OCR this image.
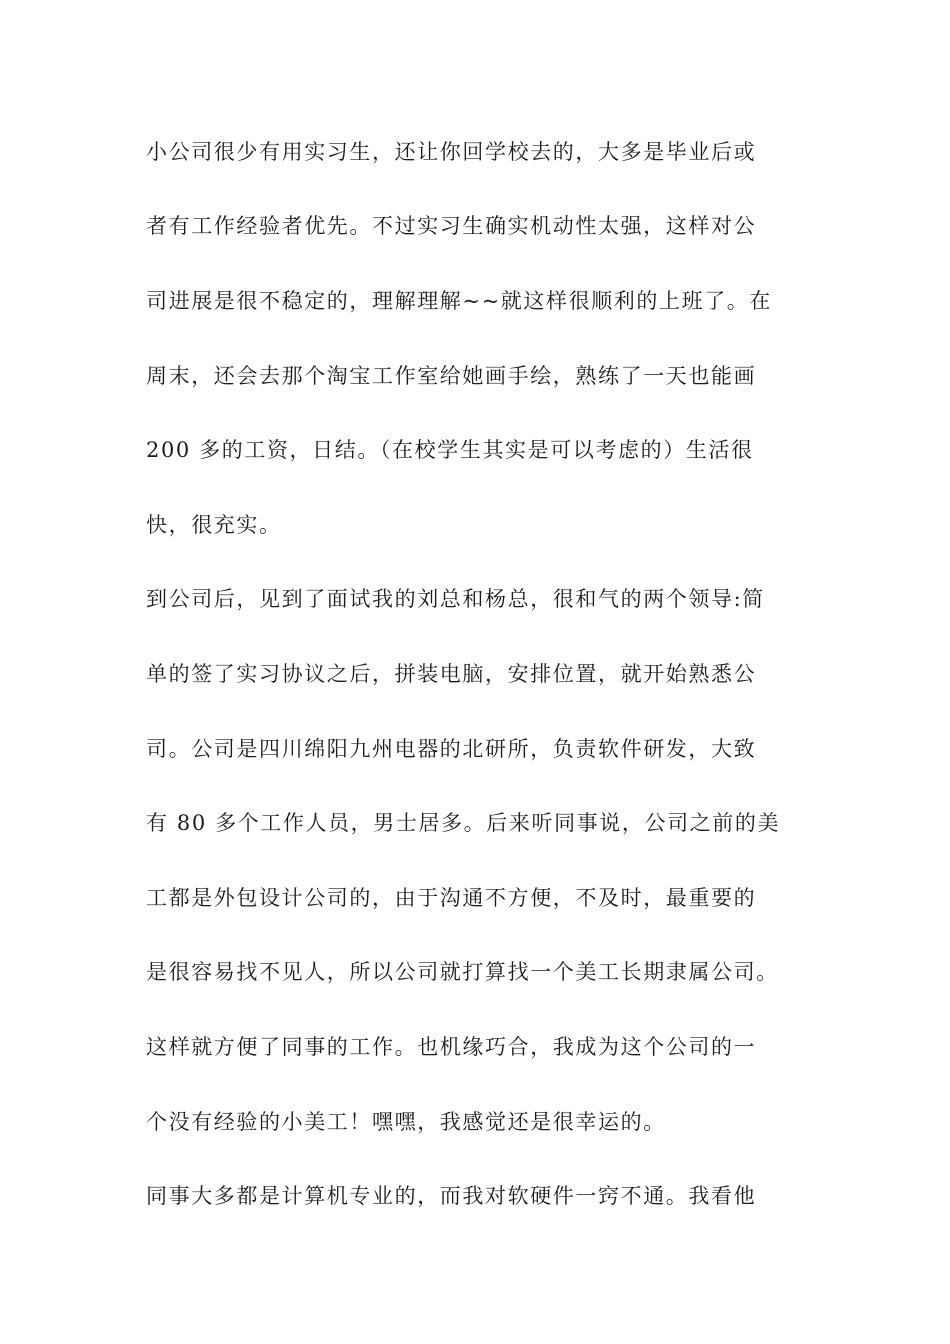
小公司很少有用实习生，还让你回学校去的，大多是毕业后或
者有工作经验者优先。不过实习生确实机动性太强，这样对公
司进展是很不稳定的，理解理解~~就这样很顺利的上班了。在
周末，还会去那个淘宝工作室给她画手绘，熟练了一天也能画
200 多的工资，日结。（在校学生其实是可以考虑的）生活很
快，很充实。
到公司后，见到了面试我的刘总和杨总，很和气的两个领导:简
单的签了实习协议之后，拼装电脑，安排位置，就开始熟悉公
司。公司是四川绵阳九州电器的北研所，负责软件研发，大致
有 80 多个工作人员，男士居多。后来听同事说，公司之前的美
工都是外包设计公司的，由于沟通不方便，不及时，最重要的
是很容易找不见人，所以公司就打算找一个美工长期隶属公司。
这样就方便了同事的工作。也机缘巧合，我成为这个公司的一
个没有经验的小美工！嘿嘿，我感觉还是很幸运的。
同事大多都是计算机专业的，而我对软硬件一窍不通。我看他
